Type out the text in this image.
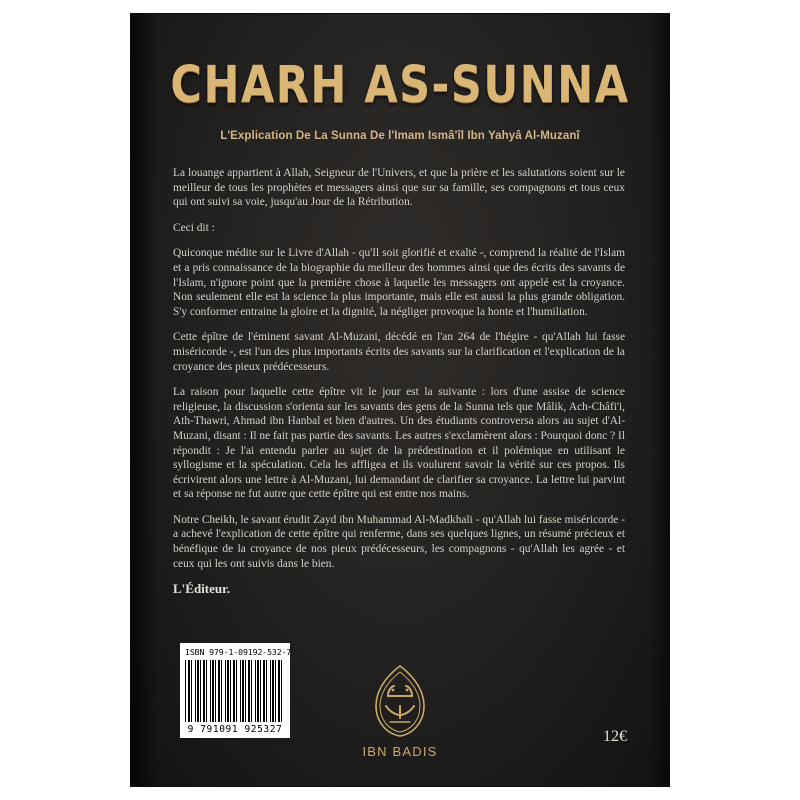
CHARH AS-SUNNA
L'Explication De La Sunna De l'Imam Ismâ'îl Ibn Yahyâ Al-Muzanî

La louange appartient à Allah, Seigneur de l'Univers, et que la prière et les salutations soient sur le meilleur de tous les prophètes et messagers ainsi que sur sa famille, ses compagnons et tous ceux qui ont suivi sa voie, jusqu'au Jour de la Rétribution.

Ceci dit :

Quiconque médite sur le Livre d'Allah - qu'Il soit glorifié et exalté -, comprend la réalité de l'Islam et a pris connaissance de la biographie du meilleur des hommes ainsi que des écrits des savants de l'Islam, n'ignore point que la première chose à laquelle les messagers ont appelé est la croyance. Non seulement elle est la science la plus importante, mais elle est aussi la plus grande obligation. S'y conformer entraine la gloire et la dignité, la négliger provoque la honte et l'humiliation.

Cette épître de l'éminent savant Al-Muzani, décédé en l'an 264 de l'hégire - qu'Allah lui fasse miséricorde -, est l'un des plus importants écrits des savants sur la clarification et l'explication de la croyance des pieux prédécesseurs.

La raison pour laquelle cette épître vit le jour est la suivante : lors d'une assise de science religieuse, la discussion s'orienta sur les savants des gens de la Sunna tels que Mâlik, Ach-Châfi'i, Ath-Thawri, Ahmad ibn Hanbal et bien d'autres. Un des étudiants controversa alors au sujet d'Al-Muzani, disant : Il ne fait pas partie des savants. Les autres s'exclamèrent alors : Pourquoi donc ? Il répondit : Je l'ai entendu parler au sujet de la prédestination et il polémique en utilisant le syllogisme et la spéculation. Cela les affligea et ils voulurent savoir la vérité sur ces propos. Ils écrivirent alors une lettre à Al-Muzani, lui demandant de clarifier sa croyance. La lettre lui parvint et sa réponse ne fut autre que cette épître qui est entre nos mains.

Notre Cheikh, le savant érudit Zayd ibn Muhammad Al-Madkhali - qu'Allah lui fasse miséricorde - a achevé l'explication de cette épître qui renferme, dans ses quelques lignes, un résumé précieux et bénéfique de la croyance de nos pieux prédécesseurs, les compagnons - qu'Allah les agrée - et ceux qui les ont suivis dans le bien.

L'Éditeur.

ISBN 979-1-09192-532-7
9 791091 925327
IBN BADIS
12€
